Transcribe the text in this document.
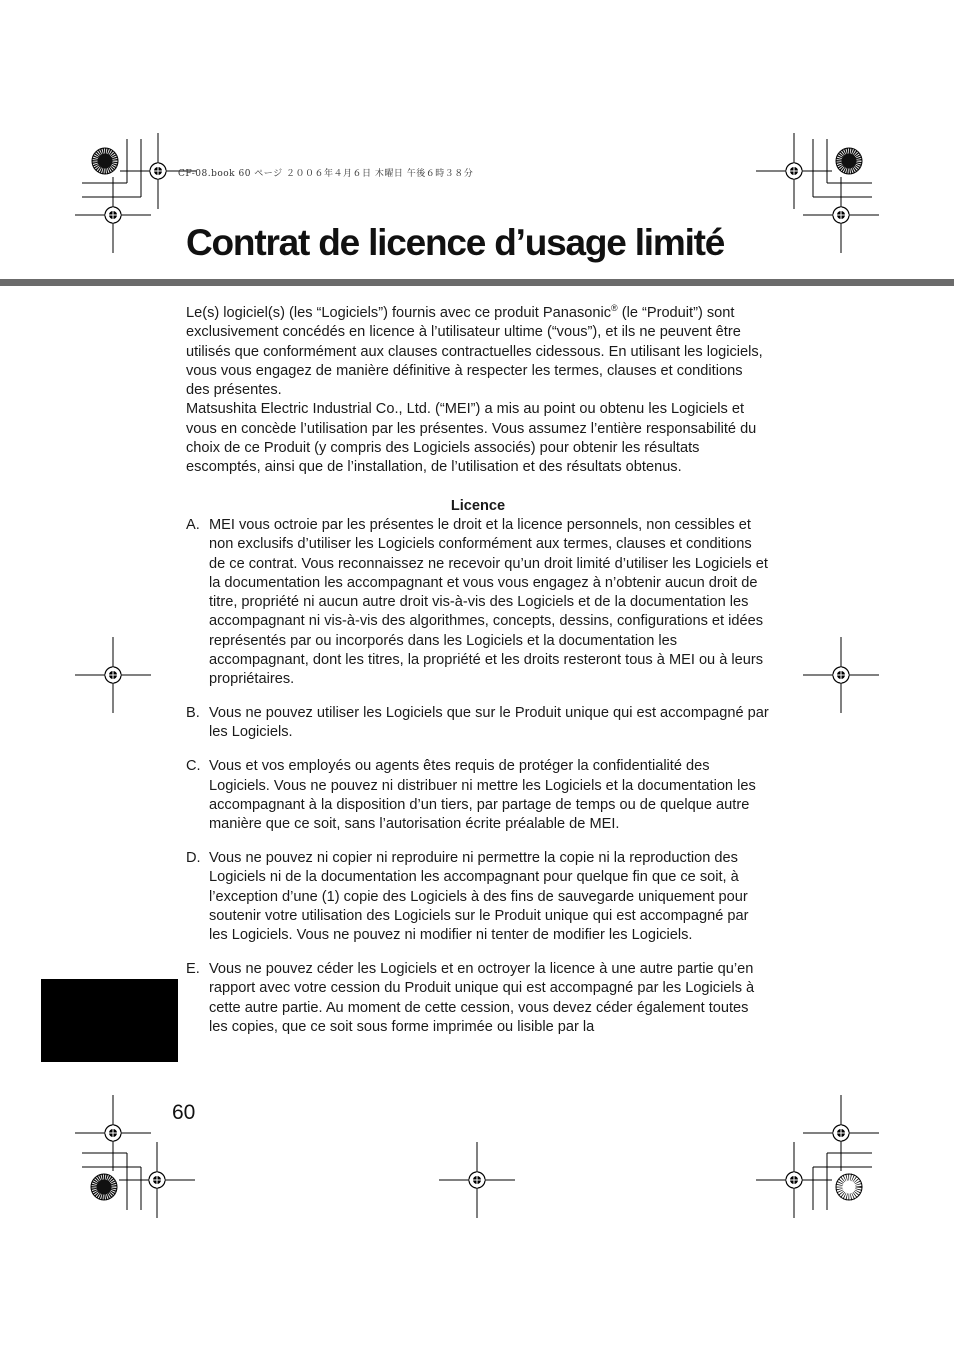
CF-08.book 60 ページ ２００６年４月６日 木曜日 午後６時３８分
Contrat de licence d’usage limité

Le(s) logiciel(s) (les “Logiciels”) fournis avec ce produit Panasonic® (le “Produit”) sont exclusivement concédés en licence à l’utilisateur ultime (“vous”), et ils ne peuvent être utilisés que conformément aux clauses contractuelles cidessous. En utilisant les logiciels, vous vous engagez de manière définitive à respecter les termes, clauses et conditions

des présentes.

Matsushita Electric Industrial Co., Ltd. (“MEI”) a mis au point ou obtenu les Logiciels et vous en concède l’utilisation par les présentes. Vous assumez l’entière responsabilité du choix de ce Produit (y compris des Logiciels associés) pour obtenir les résultats escomptés, ainsi que de l’installation, de l’utilisation et des résultats obtenus.

Licence
A. MEI vous octroie par les présentes le droit et la licence personnels, non cessibles et non exclusifs d’utiliser les Logiciels conformément aux termes, clauses et conditions de ce contrat. Vous reconnaissez ne recevoir qu’un droit limité d’utiliser les Logiciels et la documentation les accompagnant et vous vous engagez à n’obtenir aucun droit de titre, propriété ni aucun autre droit vis-à-vis des Logiciels et de la documentation les accompagnant ni vis-à-vis des algorithmes, concepts, dessins, configurations et idées représentés par ou incorporés dans les Logiciels et la documentation les accompagnant, dont les titres, la propriété et les droits resteront tous à MEI ou à leurs propriétaires.
B. Vous ne pouvez utiliser les Logiciels que sur le Produit unique qui est accompagné par les Logiciels.
C. Vous et vos employés ou agents êtes requis de protéger la confidentialité des Logiciels. Vous ne pouvez ni distribuer ni mettre les Logiciels et la documentation les accompagnant à la disposition d’un tiers, par partage de temps ou de quelque autre manière que ce soit, sans l’autorisation écrite préalable de MEI.
D. Vous ne pouvez ni copier ni reproduire ni permettre la copie ni la reproduction des Logiciels ni de la documentation les accompagnant pour quelque fin que ce soit, à l’exception d’une (1) copie des Logiciels à des fins de sauvegarde uniquement pour soutenir votre utilisation des Logiciels sur le Produit unique qui est accompagné par les Logiciels. Vous ne pouvez ni modifier ni tenter de modifier les Logiciels.
E. Vous ne pouvez céder les Logiciels et en octroyer la licence à une autre partie qu’en rapport avec votre cession du Produit unique qui est accompagné par les Logiciels à cette autre partie. Au moment de cette cession, vous devez céder également toutes les copies, que ce soit sous forme imprimée ou lisible par la
60
